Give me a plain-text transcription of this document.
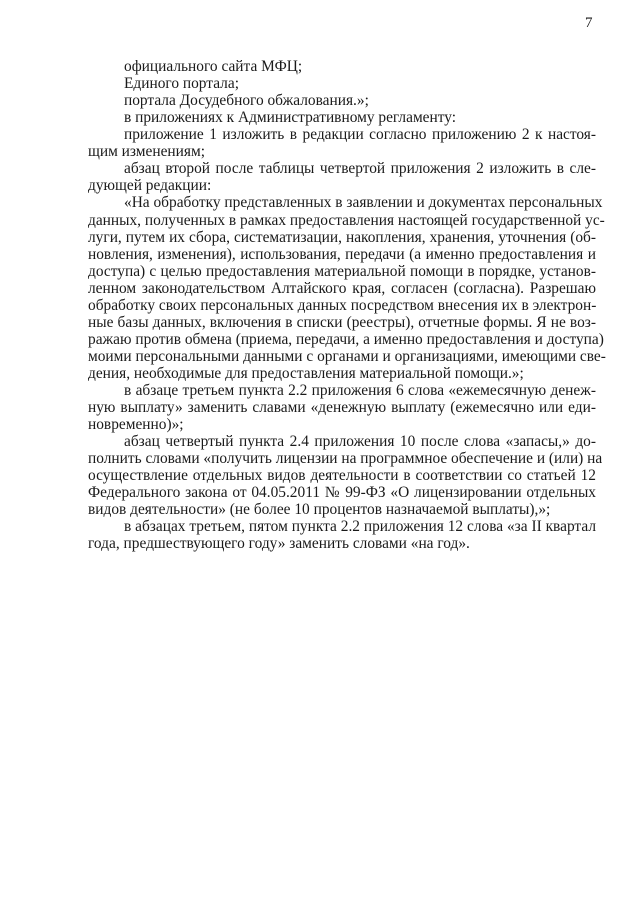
7
официального сайта МФЦ;
Единого портала;
портала Досудебного обжалования.»;
в приложениях к Административному регламенту:
приложение 1 изложить в редакции согласно приложению 2 к настоя-
щим изменениям;
абзац второй после таблицы четвертой приложения 2 изложить в сле-
дующей редакции:
«На обработку представленных в заявлении и документах персональных
данных, полученных в рамках предоставления настоящей государственной ус-
луги, путем их сбора, систематизации, накопления, хранения, уточнения (об-
новления, изменения), использования, передачи (а именно предоставления и
доступа) с целью предоставления материальной помощи в порядке, установ-
ленном законодательством Алтайского края, согласен (согласна). Разрешаю
обработку своих персональных данных посредством внесения их в электрон-
ные базы данных, включения в списки (реестры), отчетные формы. Я не воз-
ражаю против обмена (приема, передачи, а именно предоставления и доступа)
моими персональными данными с органами и организациями, имеющими све-
дения, необходимые для предоставления материальной помощи.»;
в абзаце третьем пункта 2.2 приложения 6 слова «ежемесячную денеж-
ную выплату» заменить славами «денежную выплату (ежемесячно или еди-
новременно)»;
абзац четвертый пункта 2.4 приложения 10 после слова «запасы,» до-
полнить словами «получить лицензии на программное обеспечение и (или) на
осуществление отдельных видов деятельности в соответствии со статьей 12
Федерального закона от 04.05.2011 № 99-ФЗ «О лицензировании отдельных
видов деятельности» (не более 10 процентов назначаемой выплаты),»;
в абзацах третьем, пятом пункта 2.2 приложения 12 слова «за II квартал
года, предшествующего году» заменить словами «на год».
